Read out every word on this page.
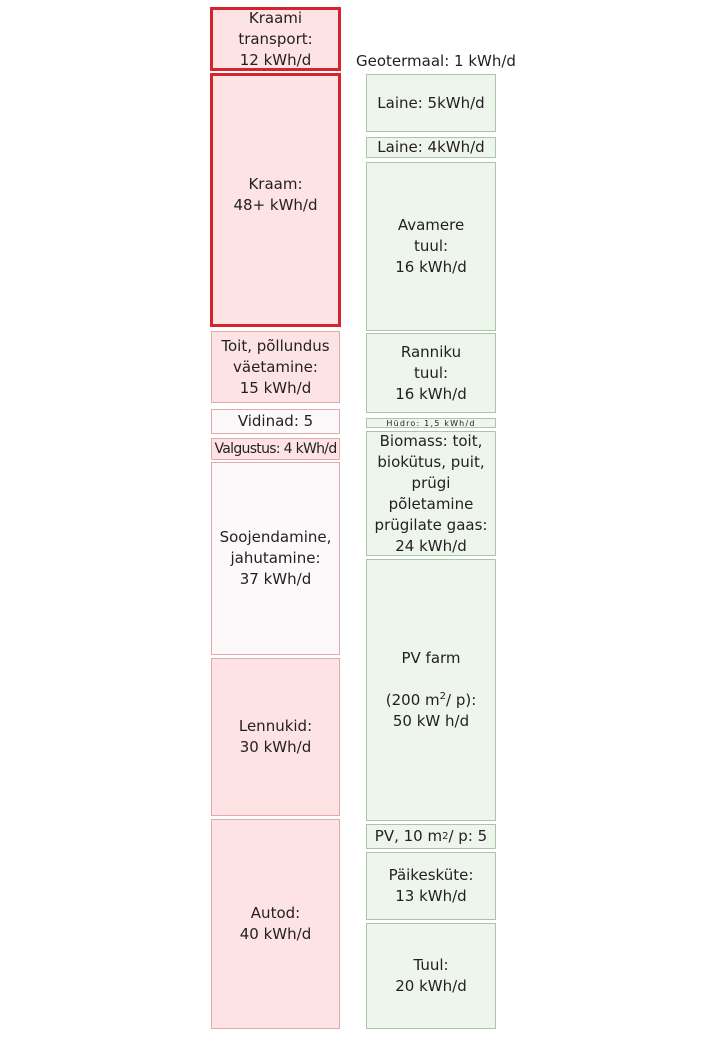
Kraami
transport:
12 kWh/d
Kraam:
48+ kWh/d
Toit, põllundus
väetamine:
15 kWh/d
Vidinad: 5
Valgustus: 4 kWh/d
Soojendamine,
jahutamine:
37 kWh/d
Lennukid:
30 kWh/d
Autod:
40 kWh/d
Geotermaal: 1 kWh/d
Laine: 5kWh/d
Laine: 4kWh/d
Avamere
tuul:
16 kWh/d
Ranniku
tuul:
16 kWh/d
Hüdro: 1,5 kWh/d
Biomass: toit,
biokütus, puit,
prügi põletamine
prügilate gaas:
24 kWh/d
PV farm

(200 $m^2/$ p):

50 kW h/d
PV, 10 m 2 / p: 5
Päikesküte:
13 kWh/d
Tuul:
20 kWh/d
